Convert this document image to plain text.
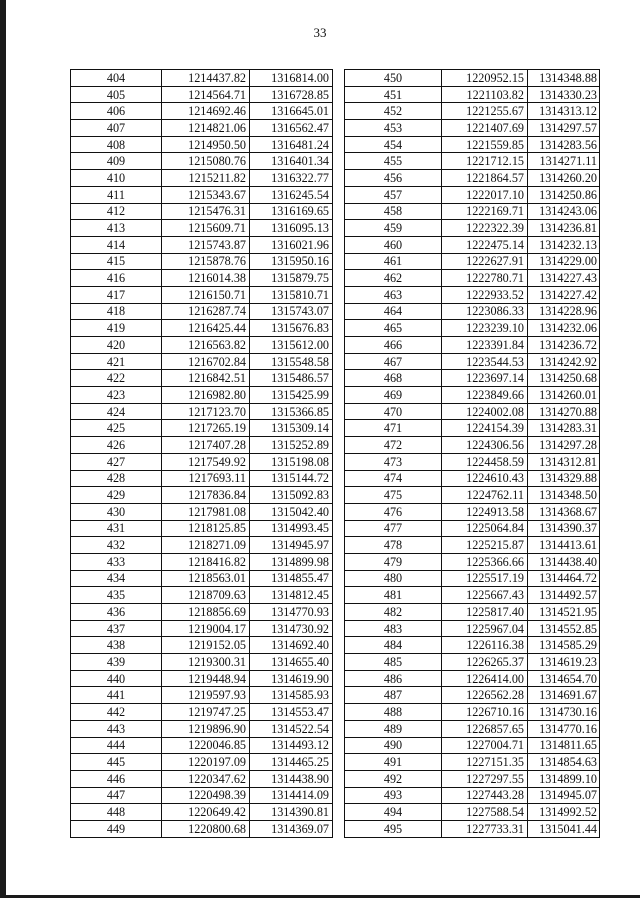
33
404	1214437.82	1316814.00
405	1214564.71	1316728.85
406	1214692.46	1316645.01
407	1214821.06	1316562.47
408	1214950.50	1316481.24
409	1215080.76	1316401.34
410	1215211.82	1316322.77
411	1215343.67	1316245.54
412	1215476.31	1316169.65
413	1215609.71	1316095.13
414	1215743.87	1316021.96
415	1215878.76	1315950.16
416	1216014.38	1315879.75
417	1216150.71	1315810.71
418	1216287.74	1315743.07
419	1216425.44	1315676.83
420	1216563.82	1315612.00
421	1216702.84	1315548.58
422	1216842.51	1315486.57
423	1216982.80	1315425.99
424	1217123.70	1315366.85
425	1217265.19	1315309.14
426	1217407.28	1315252.89
427	1217549.92	1315198.08
428	1217693.11	1315144.72
429	1217836.84	1315092.83
430	1217981.08	1315042.40
431	1218125.85	1314993.45
432	1218271.09	1314945.97
433	1218416.82	1314899.98
434	1218563.01	1314855.47
435	1218709.63	1314812.45
436	1218856.69	1314770.93
437	1219004.17	1314730.92
438	1219152.05	1314692.40
439	1219300.31	1314655.40
440	1219448.94	1314619.90
441	1219597.93	1314585.93
442	1219747.25	1314553.47
443	1219896.90	1314522.54
444	1220046.85	1314493.12
445	1220197.09	1314465.25
446	1220347.62	1314438.90
447	1220498.39	1314414.09
448	1220649.42	1314390.81
449	1220800.68	1314369.07
450	1220952.15	1314348.88
451	1221103.82	1314330.23
452	1221255.67	1314313.12
453	1221407.69	1314297.57
454	1221559.85	1314283.56
455	1221712.15	1314271.11
456	1221864.57	1314260.20
457	1222017.10	1314250.86
458	1222169.71	1314243.06
459	1222322.39	1314236.81
460	1222475.14	1314232.13
461	1222627.91	1314229.00
462	1222780.71	1314227.43
463	1222933.52	1314227.42
464	1223086.33	1314228.96
465	1223239.10	1314232.06
466	1223391.84	1314236.72
467	1223544.53	1314242.92
468	1223697.14	1314250.68
469	1223849.66	1314260.01
470	1224002.08	1314270.88
471	1224154.39	1314283.31
472	1224306.56	1314297.28
473	1224458.59	1314312.81
474	1224610.43	1314329.88
475	1224762.11	1314348.50
476	1224913.58	1314368.67
477	1225064.84	1314390.37
478	1225215.87	1314413.61
479	1225366.66	1314438.40
480	1225517.19	1314464.72
481	1225667.43	1314492.57
482	1225817.40	1314521.95
483	1225967.04	1314552.85
484	1226116.38	1314585.29
485	1226265.37	1314619.23
486	1226414.00	1314654.70
487	1226562.28	1314691.67
488	1226710.16	1314730.16
489	1226857.65	1314770.16
490	1227004.71	1314811.65
491	1227151.35	1314854.63
492	1227297.55	1314899.10
493	1227443.28	1314945.07
494	1227588.54	1314992.52
495	1227733.31	1315041.44
